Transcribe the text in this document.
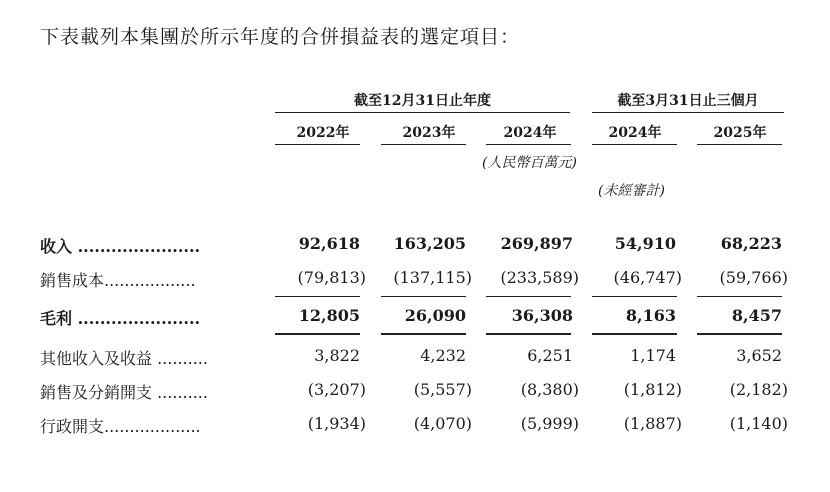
下表載列本集團於所示年度的合併損益表的選定項目：
截至12月31日止年度	截至3月31日止三個月
2022年	2023年	2024年	2024年	2025年
(人民幣百萬元)
(未經審計)
收入 ......................	92,618	163,205	269,897	54,910	68,223
銷售成本..................	(79,813)	(137,115)	(233,589)	(46,747)	(59,766)
毛利 ......................	12,805	26,090	36,308	8,163	8,457
其他收入及收益 ..........	3,822	4,232	6,251	1,174	3,652
銷售及分銷開支 ..........	(3,207)	(5,557)	(8,380)	(1,812)	(2,182)
行政開支...................	(1,934)	(4,070)	(5,999)	(1,887)	(1,140)
